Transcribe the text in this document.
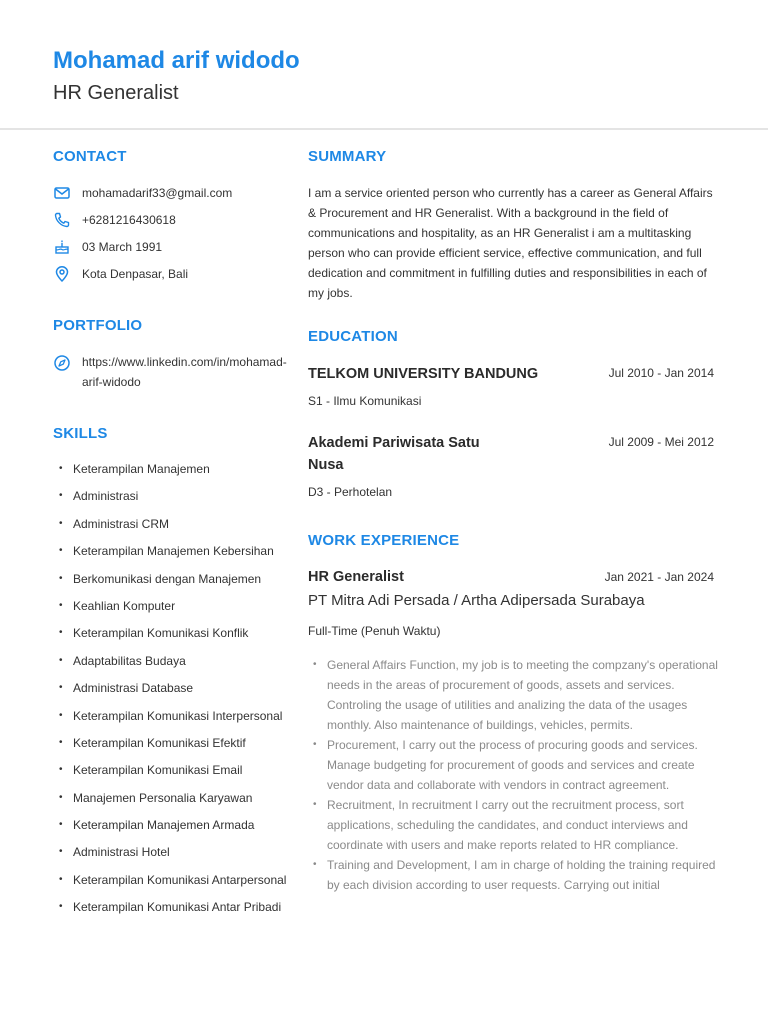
Mohamad arif widodo
HR Generalist
CONTACT
mohamadarif33@gmail.com
+6281216430618
03 March 1991
Kota Denpasar, Bali
PORTFOLIO
https://www.linkedin.com/in/mohamad-arif-widodo
SKILLS
• Keterampilan Manajemen
• Administrasi
• Administrasi CRM
• Keterampilan Manajemen Kebersihan
• Berkomunikasi dengan Manajemen
• Keahlian Komputer
• Keterampilan Komunikasi Konflik
• Adaptabilitas Budaya
• Administrasi Database
• Keterampilan Komunikasi Interpersonal
• Keterampilan Komunikasi Efektif
• Keterampilan Komunikasi Email
• Manajemen Personalia Karyawan
• Keterampilan Manajemen Armada
• Administrasi Hotel
• Keterampilan Komunikasi Antarpersonal
• Keterampilan Komunikasi Antar Pribadi
SUMMARY

I am a service oriented person who currently has a career as General Affairs & Procurement and HR Generalist. With a background in the field of communications and hospitality, as an HR Generalist i am a multitasking person who can provide efficient service, effective communication, and full dedication and commitment in fulfilling duties and responsibilities in each of my jobs.

EDUCATION
TELKOM UNIVERSITY BANDUNG	Jul 2010 - Jan 2014
S1 - Ilmu Komunikasi
Akademi Pariwisata Satu Nusa
Jul 2009 - Mei 2012
D3 - Perhotelan
WORK EXPERIENCE
HR Generalist	Jan 2021 - Jan 2024
PT Mitra Adi Persada / Artha Adipersada Surabaya
Full-Time (Penuh Waktu)
• General Affairs Function, my job is to meeting the compzany's operational needs in the areas of procurement of goods, assets and services. Controling the usage of utilities and analizing the data of the usages monthly. Also maintenance of buildings, vehicles, permits.
• Procurement, I carry out the process of procuring goods and services. Manage budgeting for procurement of goods and services and create vendor data and collaborate with vendors in contract agreement.
• Recruitment, In recruitment I carry out the recruitment process, sort applications, scheduling the candidates, and conduct interviews and coordinate with users and make reports related to HR compliance.
• Training and Development, I am in charge of holding the training required by each division according to user requests. Carrying out initial
